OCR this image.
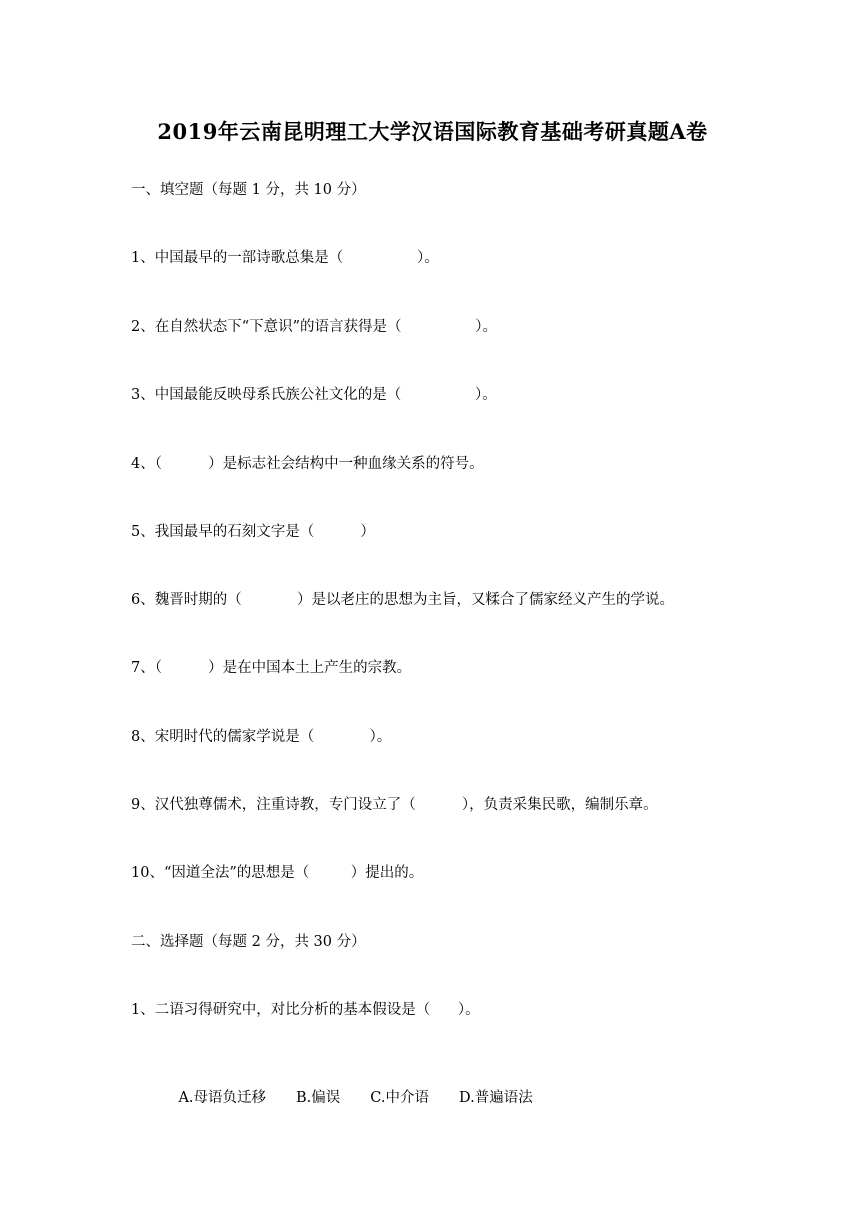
2019年云南昆明理工大学汉语国际教育基础考研真题A卷
一、填空题（每题 1 分，共 10 分）
1、中国最早的一部诗歌总集是（                ）。
2、在自然状态下“下意识”的语言获得是（                ）。
3、中国最能反映母系氏族公社文化的是（                ）。
4、（          ）是标志社会结构中一种血缘关系的符号。
5、我国最早的石刻文字是（          ）
6、魏晋时期的（            ）是以老庄的思想为主旨，又糅合了儒家经义产生的学说。
7、（          ）是在中国本土上产生的宗教。
8、宋明时代的儒家学说是（            ）。
9、汉代独尊儒术，注重诗教，专门设立了（          ），负责采集民歌，编制乐章。
10、“因道全法”的思想是（         ）提出的。
二、选择题（每题 2 分，共 30 分）
1、二语习得研究中，对比分析的基本假设是（      ）。

A.母语负迁移 B.偏误 C.中介语 D.普遍语法
